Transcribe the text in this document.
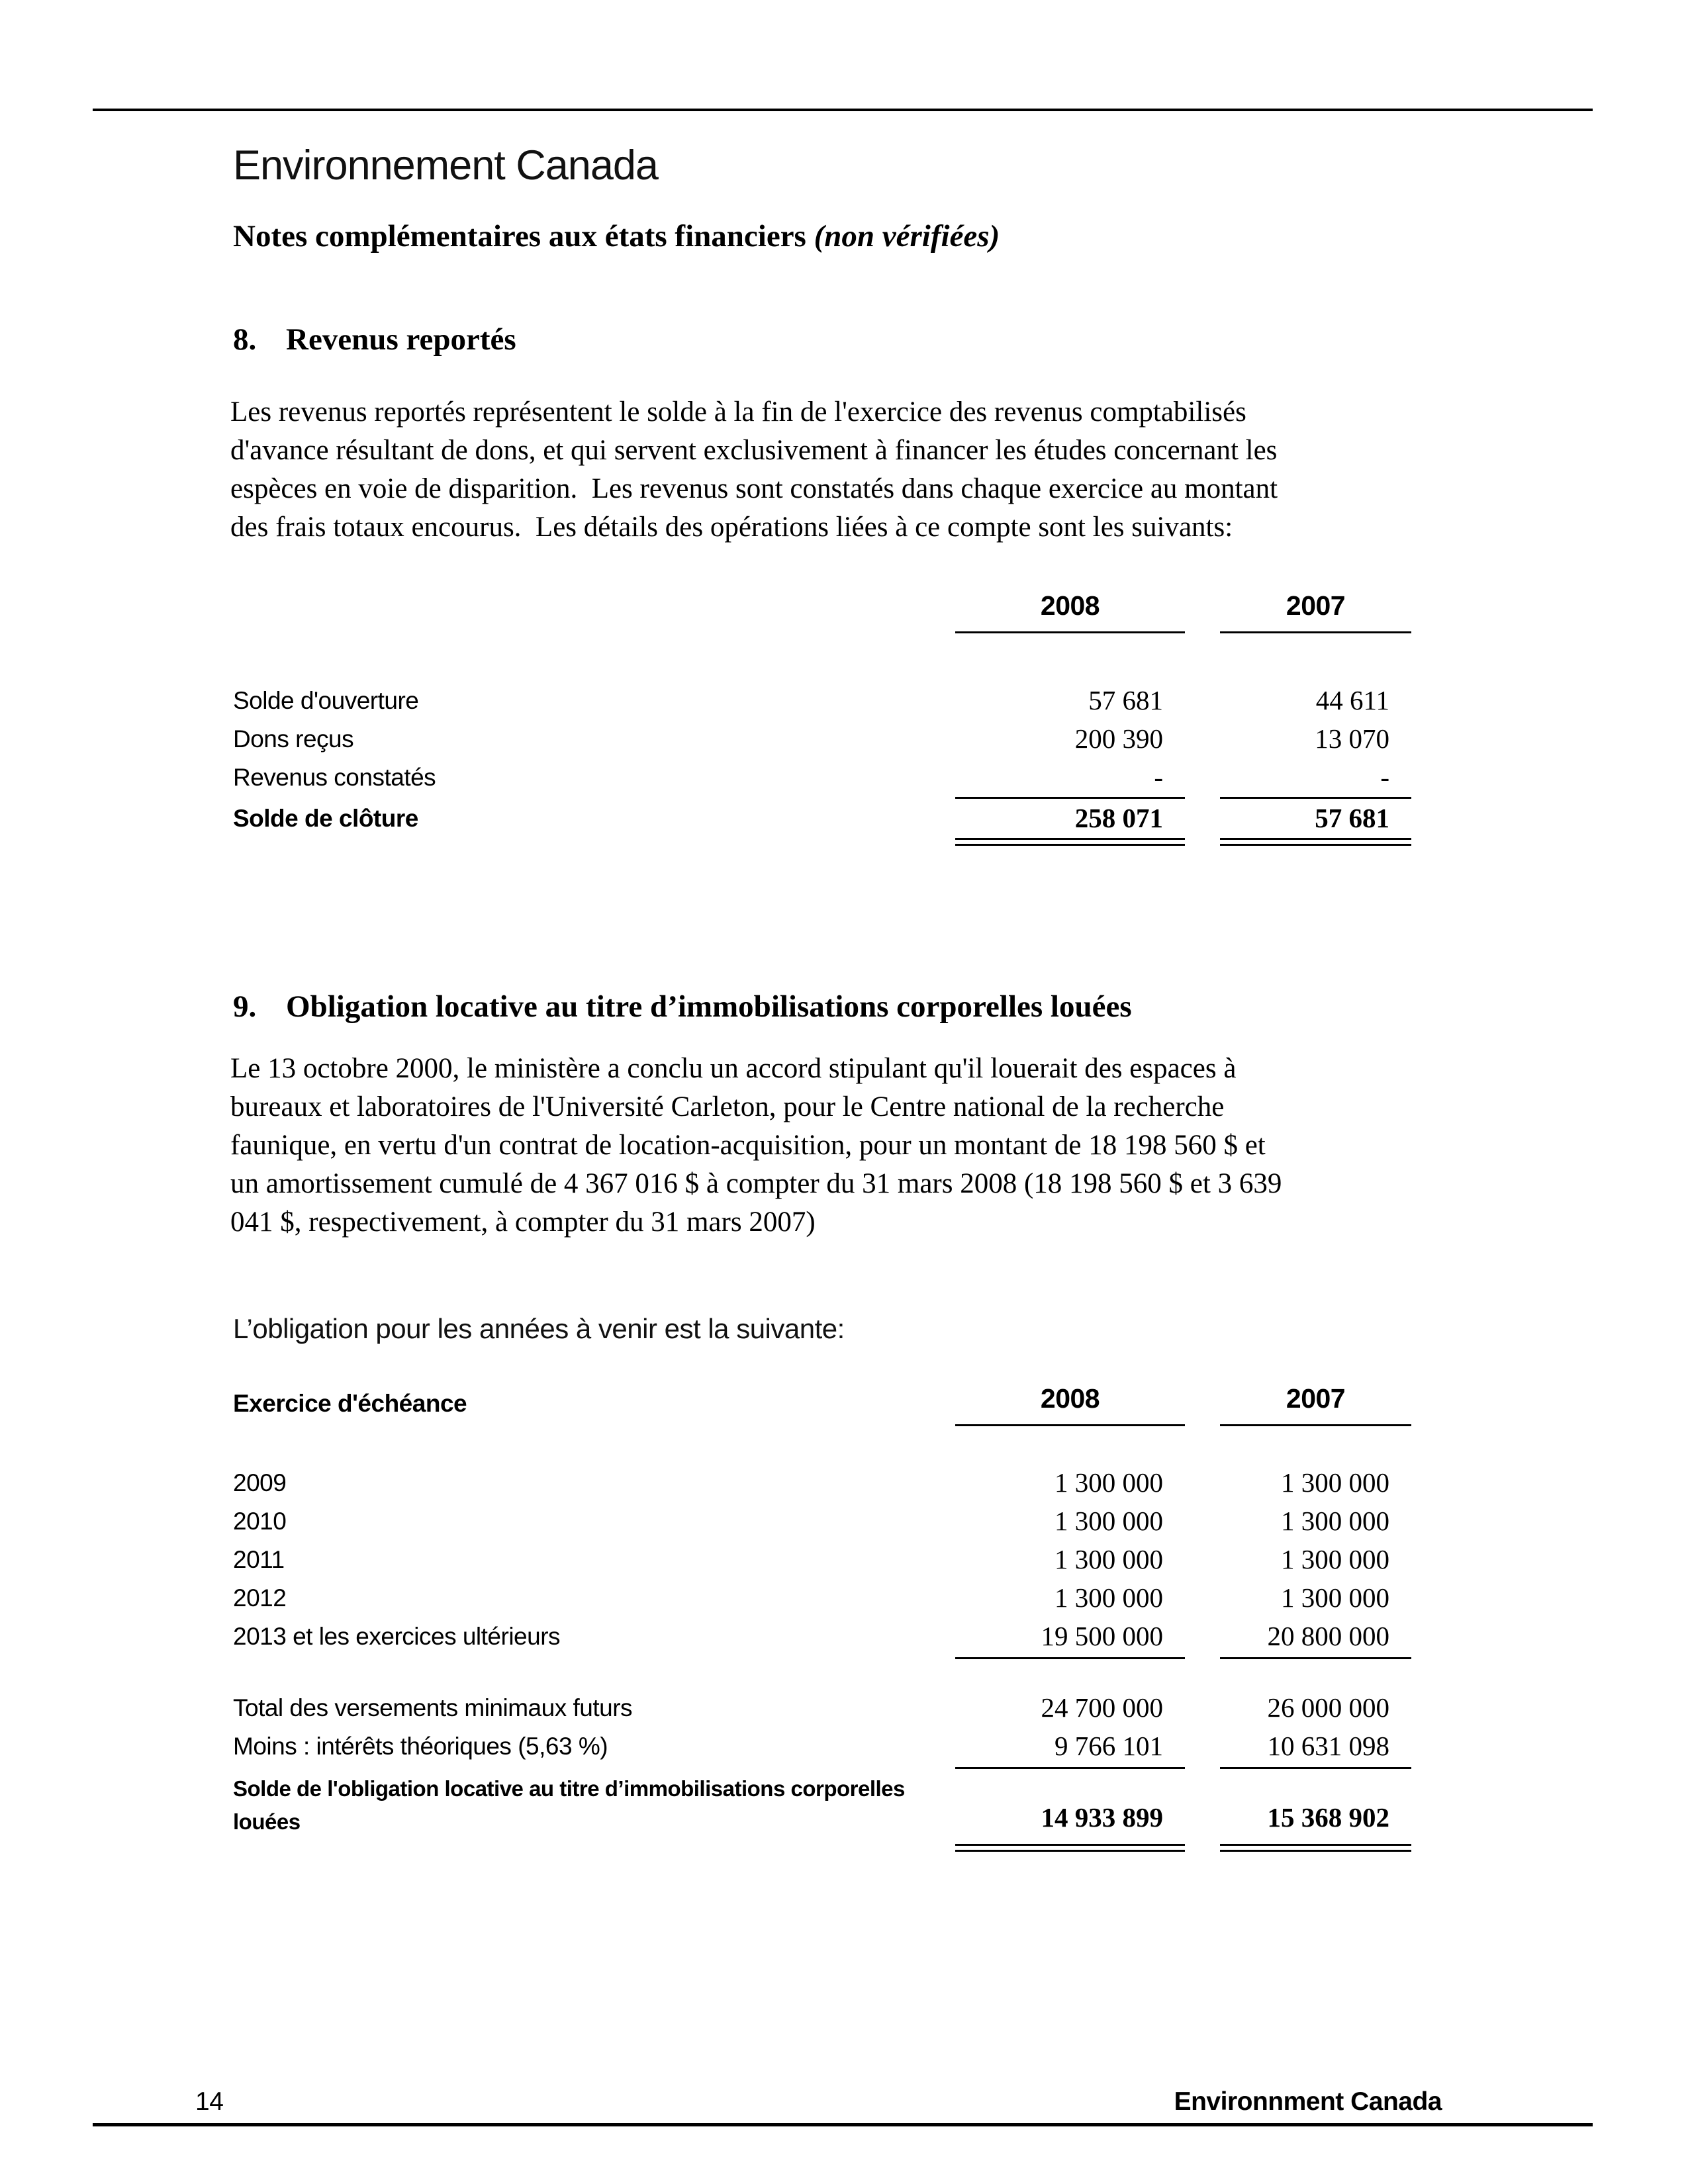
Environnement Canada
Notes complémentaires aux états financiers (non vérifiées)
8. Revenus reportés
Les revenus reportés représentent le solde à la fin de l'exercice des revenus comptabilisés
d'avance résultant de dons, et qui servent exclusivement à financer les études concernant les
espèces en voie de disparition.  Les revenus sont constatés dans chaque exercice au montant
des frais totaux encourus.  Les détails des opérations liées à ce compte sont les suivants:
2008	2007
Solde d'ouverture	57 681	44 611
Dons reçus	200 390	13 070
Revenus constatés	-	-
Solde de clôture	258 071	57 681
9. Obligation locative au titre d’immobilisations corporelles louées
Le 13 octobre 2000, le ministère a conclu un accord stipulant qu'il louerait des espaces à
bureaux et laboratoires de l'Université Carleton, pour le Centre national de la recherche
faunique, en vertu d'un contrat de location-acquisition, pour un montant de 18 198 560 $ et
un amortissement cumulé de 4 367 016 $ à compter du 31 mars 2008 (18 198 560 $ et 3 639
041 $, respectivement, à compter du 31 mars 2007)
L’obligation pour les années à venir est la suivante:
Exercice d'échéance	2008	2007
2009	1 300 000	1 300 000
2010	1 300 000	1 300 000
2011	1 300 000	1 300 000
2012	1 300 000	1 300 000
2013 et les exercices ultérieurs	19 500 000	20 800 000
Total des versements minimaux futurs	24 700 000	26 000 000
Moins : intérêts théoriques (5,63 %)	9 766 101	10 631 098
Solde de l'obligation locative au titre d’immobilisations corporelles
louées	14 933 899	15 368 902
14	Environnment Canada
